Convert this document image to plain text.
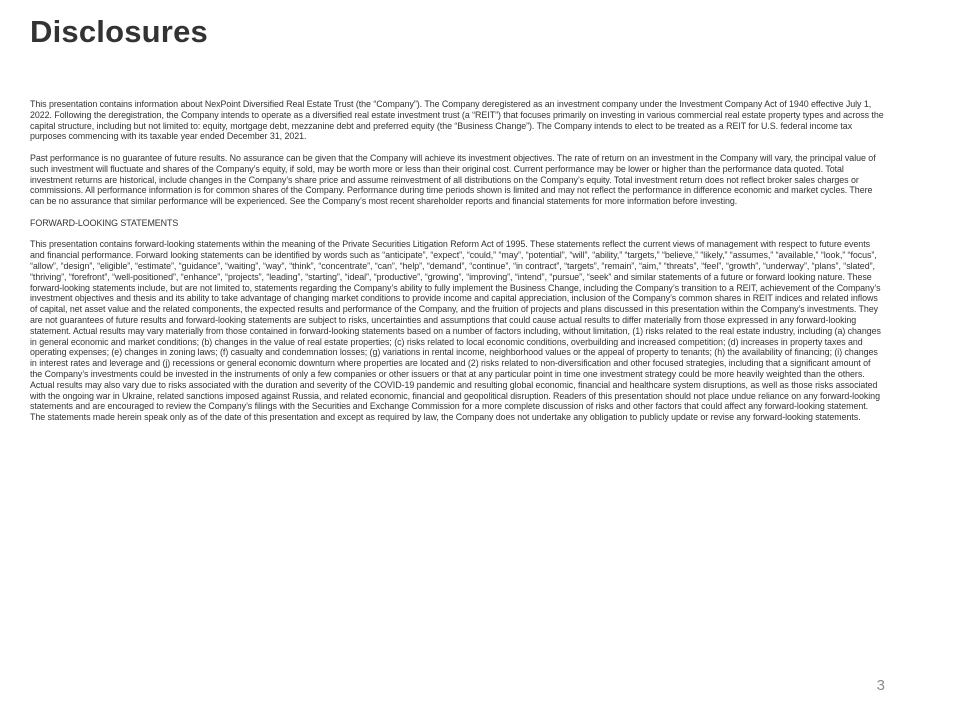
Disclosures

This presentation contains information about NexPoint Diversified Real Estate Trust (the “Company”). The Company deregistered as an investment company under the Investment Company Act of 1940 effective July 1, 2022. Following the deregistration, the Company intends to operate as a diversified real estate investment trust (a “REIT”) that focuses primarily on investing in various commercial real estate property types and across the capital structure, including but not limited to: equity, mortgage debt, mezzanine debt and preferred equity (the “Business Change”). The Company intends to elect to be treated as a REIT for U.S. federal income tax purposes commencing with its taxable year ended December 31, 2021.

Past performance is no guarantee of future results. No assurance can be given that the Company will achieve its investment objectives. The rate of return on an investment in the Company will vary, the principal value of such investment will fluctuate and shares of the Company’s equity, if sold, may be worth more or less than their original cost. Current performance may be lower or higher than the performance data quoted. Total investment returns are historical, include changes in the Company’s share price and assume reinvestment of all distributions on the Company’s equity. Total investment return does not reflect broker sales charges or commissions. All performance information is for common shares of the Company. Performance during time periods shown is limited and may not reflect the performance in difference economic and market cycles. There can be no assurance that similar performance will be experienced. See the Company’s most recent shareholder reports and financial statements for more information before investing.

FORWARD-LOOKING STATEMENTS

This presentation contains forward-looking statements within the meaning of the Private Securities Litigation Reform Act of 1995. These statements reflect the current views of management with respect to future events and financial performance. Forward looking statements can be identified by words such as “anticipate”, “expect”, “could,” “may”, “potential”, “will”, “ability,” “targets,” “believe,” “likely,” “assumes,” “available,” “look,” “focus”, “allow”, “design”, “eligible”, “estimate”, “guidance”, “waiting”, “way”, “think”, “concentrate”, “can”, “help”, “demand”, “continue”, “in contract”, “targets”, “remain”, “aim,” “threats”, “feel”, “growth”, “underway”, “plans”, “slated”, “thriving”, “forefront”, “well-positioned”, “enhance”, “projects”, “leading”, “starting”, “ideal”, “productive”, “growing”, “improving”, “intend”, “pursue”, “seek” and similar statements of a future or forward looking nature. These forward-looking statements include, but are not limited to, statements regarding the Company’s ability to fully implement the Business Change, including the Company’s transition to a REIT, achievement of the Company’s investment objectives and thesis and its ability to take advantage of changing market conditions to provide income and capital appreciation, inclusion of the Company’s common shares in REIT indices and related inflows of capital, net asset value and the related components, the expected results and performance of the Company, and the fruition of projects and plans discussed in this presentation within the Company’s investments. They are not guarantees of future results and forward-looking statements are subject to risks, uncertainties and assumptions that could cause actual results to differ materially from those expressed in any forward-looking statement. Actual results may vary materially from those contained in forward-looking statements based on a number of factors including, without limitation, (1) risks related to the real estate industry, including (a) changes in general economic and market conditions; (b) changes in the value of real estate properties; (c) risks related to local economic conditions, overbuilding and increased competition; (d) increases in property taxes and operating expenses; (e) changes in zoning laws; (f) casualty and condemnation losses; (g) variations in rental income, neighborhood values or the appeal of property to tenants; (h) the availability of financing; (i) changes in interest rates and leverage and (j) recessions or general economic downturn where properties are located and (2) risks related to non-diversification and other focused strategies, including that a significant amount of the Company’s investments could be invested in the instruments of only a few companies or other issuers or that at any particular point in time one investment strategy could be more heavily weighted than the others. Actual results may also vary due to risks associated with the duration and severity of the COVID-19 pandemic and resulting global economic, financial and healthcare system disruptions, as well as those risks associated with the ongoing war in Ukraine, related sanctions imposed against Russia, and related economic, financial and geopolitical disruption. Readers of this presentation should not place undue reliance on any forward-looking statements and are encouraged to review the Company’s filings with the Securities and Exchange Commission for a more complete discussion of risks and other factors that could affect any forward-looking statement. The statements made herein speak only as of the date of this presentation and except as required by law, the Company does not undertake any obligation to publicly update or revise any forward-looking statements.

3
